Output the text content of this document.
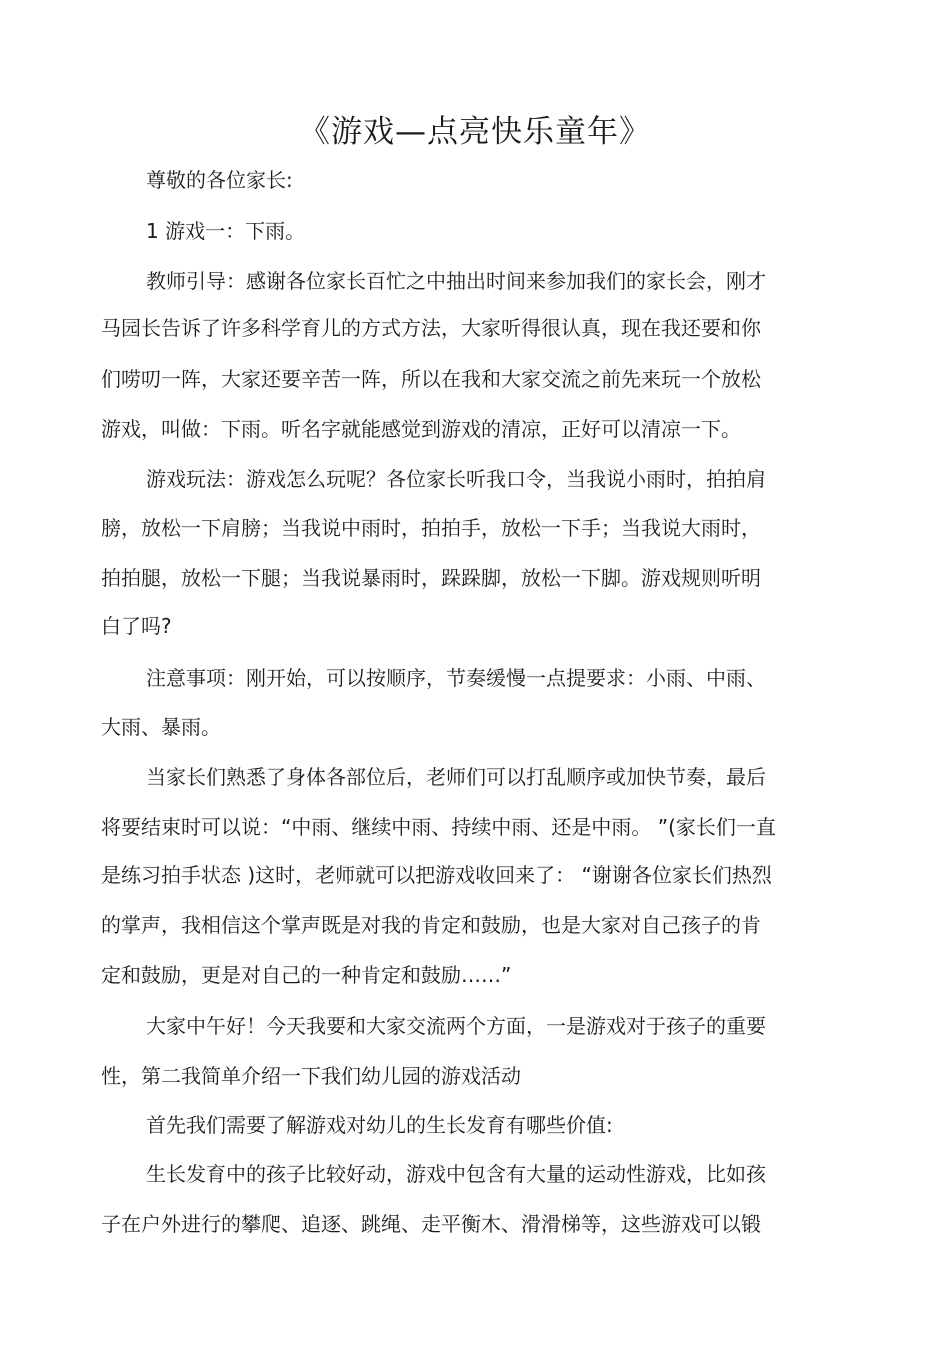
《游戏—点亮快乐童年》

尊敬的各位家长:

1 游戏一：下雨。

教师引导：感谢各位家长百忙之中抽出时间来参加我们的家长会，刚才

马园长告诉了许多科学育儿的方式方法，大家听得很认真，现在我还要和你

们唠叨一阵，大家还要辛苦一阵，所以在我和大家交流之前先来玩一个放松

游戏，叫做：下雨。听名字就能感觉到游戏的清凉，正好可以清凉一下。

游戏玩法：游戏怎么玩呢？各位家长听我口令，当我说小雨时，拍拍肩

膀，放松一下肩膀；当我说中雨时，拍拍手，放松一下手；当我说大雨时，

拍拍腿，放松一下腿；当我说暴雨时，跺跺脚，放松一下脚。游戏规则听明

白了吗?

注意事项：刚开始，可以按顺序，节奏缓慢一点提要求：小雨、中雨、

大雨、暴雨。

当家长们熟悉了身体各部位后，老师们可以打乱顺序或加快节奏，最后

将要结束时可以说：“中雨、继续中雨、持续中雨、还是中雨。 ”(家长们一直

是练习拍手状态 )这时，老师就可以把游戏收回来了： “谢谢各位家长们热烈

的掌声，我相信这个掌声既是对我的肯定和鼓励，也是大家对自己孩子的肯

定和鼓励，更是对自己的一种肯定和鼓励……”

大家中午好！今天我要和大家交流两个方面，一是游戏对于孩子的重要

性，第二我简单介绍一下我们幼儿园的游戏活动

首先我们需要了解游戏对幼儿的生长发育有哪些价值:

生长发育中的孩子比较好动，游戏中包含有大量的运动性游戏，比如孩

子在户外进行的攀爬、追逐、跳绳、走平衡木、滑滑梯等，这些游戏可以锻
